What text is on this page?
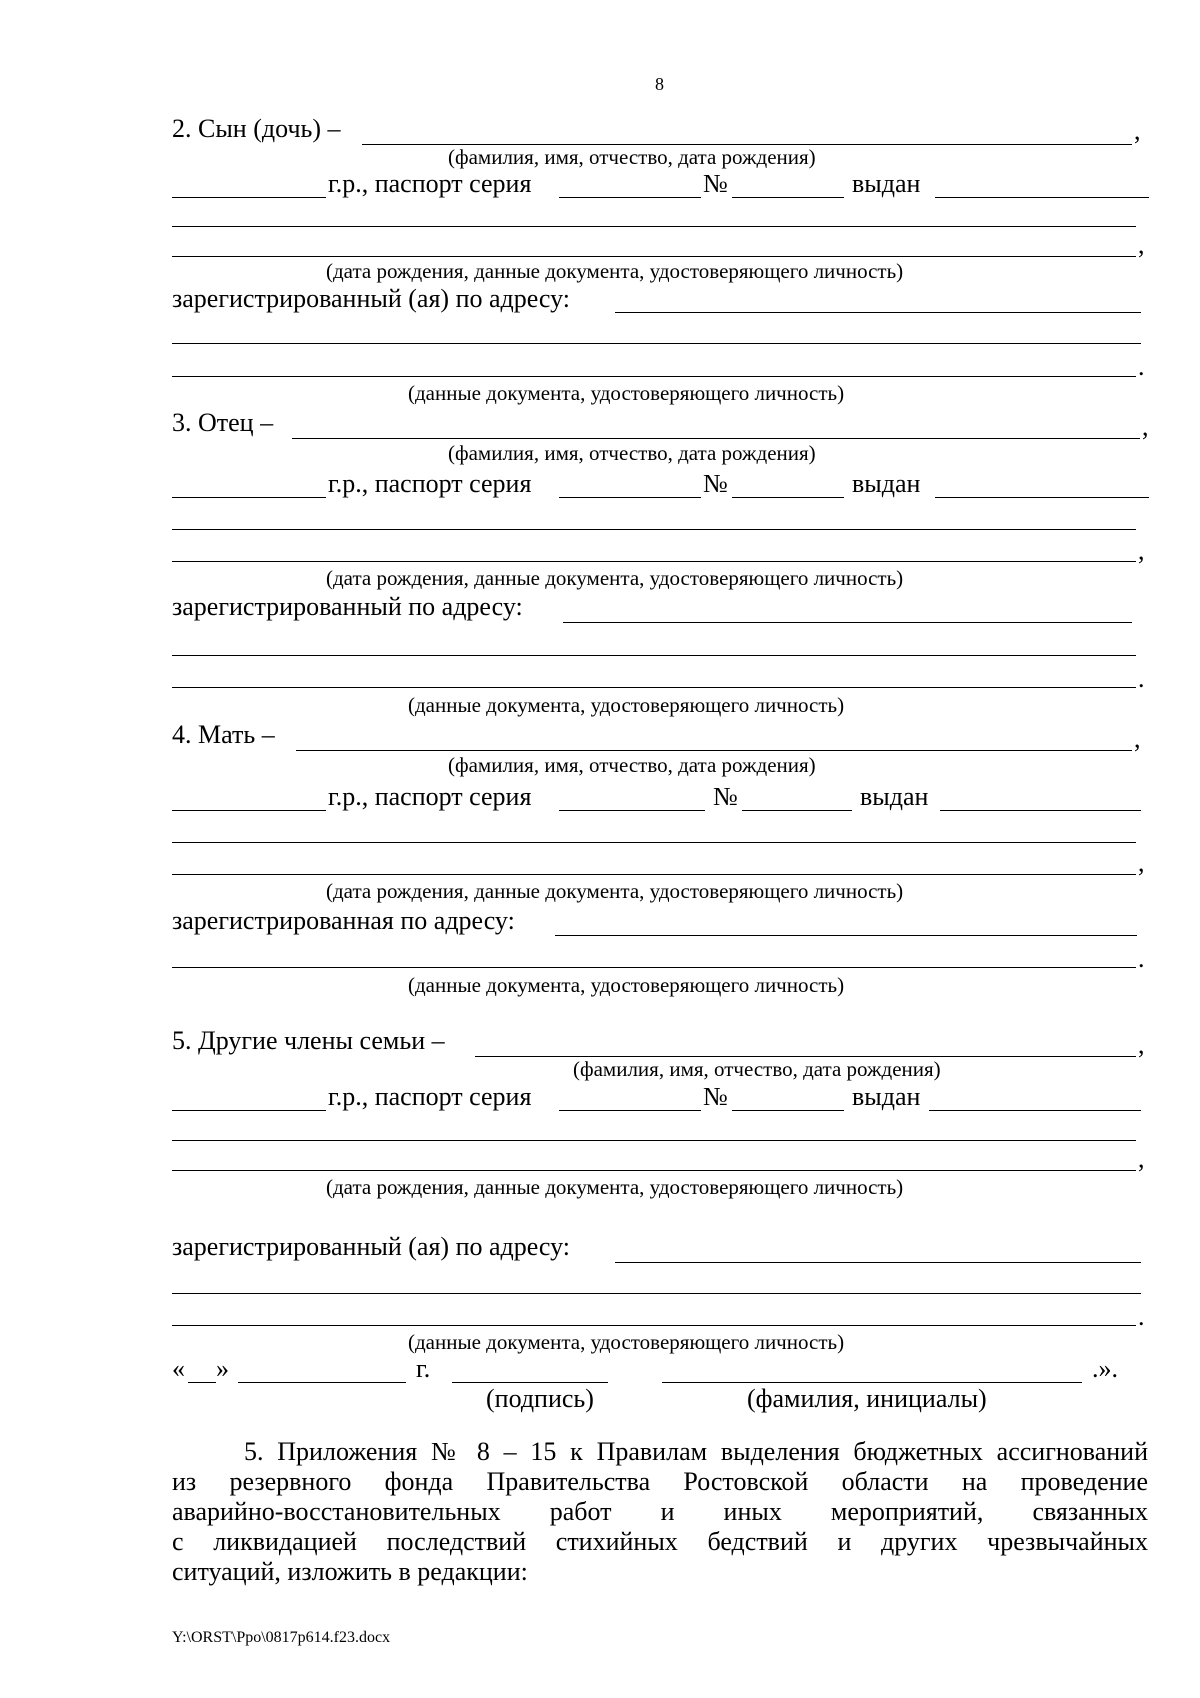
8
2. Сын (дочь) –	,
(фамилия, имя, отчество, дата рождения)
г.р., паспорт серия	№	выдан
,
(дата рождения, данные документа, удостоверяющего личность)
зарегистрированный (ая) по адресу:
.
(данные документа, удостоверяющего личность)
3. Отец –	,
(фамилия, имя, отчество, дата рождения)
г.р., паспорт серия	№	выдан
,
(дата рождения, данные документа, удостоверяющего личность)
зарегистрированный по адресу:
.
(данные документа, удостоверяющего личность)
4. Мать –	,
(фамилия, имя, отчество, дата рождения)
г.р., паспорт серия	№	выдан
,
(дата рождения, данные документа, удостоверяющего личность)
зарегистрированная по адресу:
.
(данные документа, удостоверяющего личность)
5. Другие члены семьи –	,
(фамилия, имя, отчество, дата рождения)
г.р., паспорт серия	№	выдан
,
(дата рождения, данные документа, удостоверяющего личность)
зарегистрированный (ая) по адресу:
.
(данные документа, удостоверяющего личность)
« »	г.	.».
(подпись)	(фамилия, инициалы)
5. Приложения № 8 – 15 к Правилам выделения бюджетных ассигнований
из резервного фонда Правительства Ростовской области на проведение
аварийно-восстановительных работ и иных мероприятий, связанных
с ликвидацией последствий стихийных бедствий и других чрезвычайных
ситуаций, изложить в редакции:
Y:\ORST\Ppo\0817p614.f23.docx
